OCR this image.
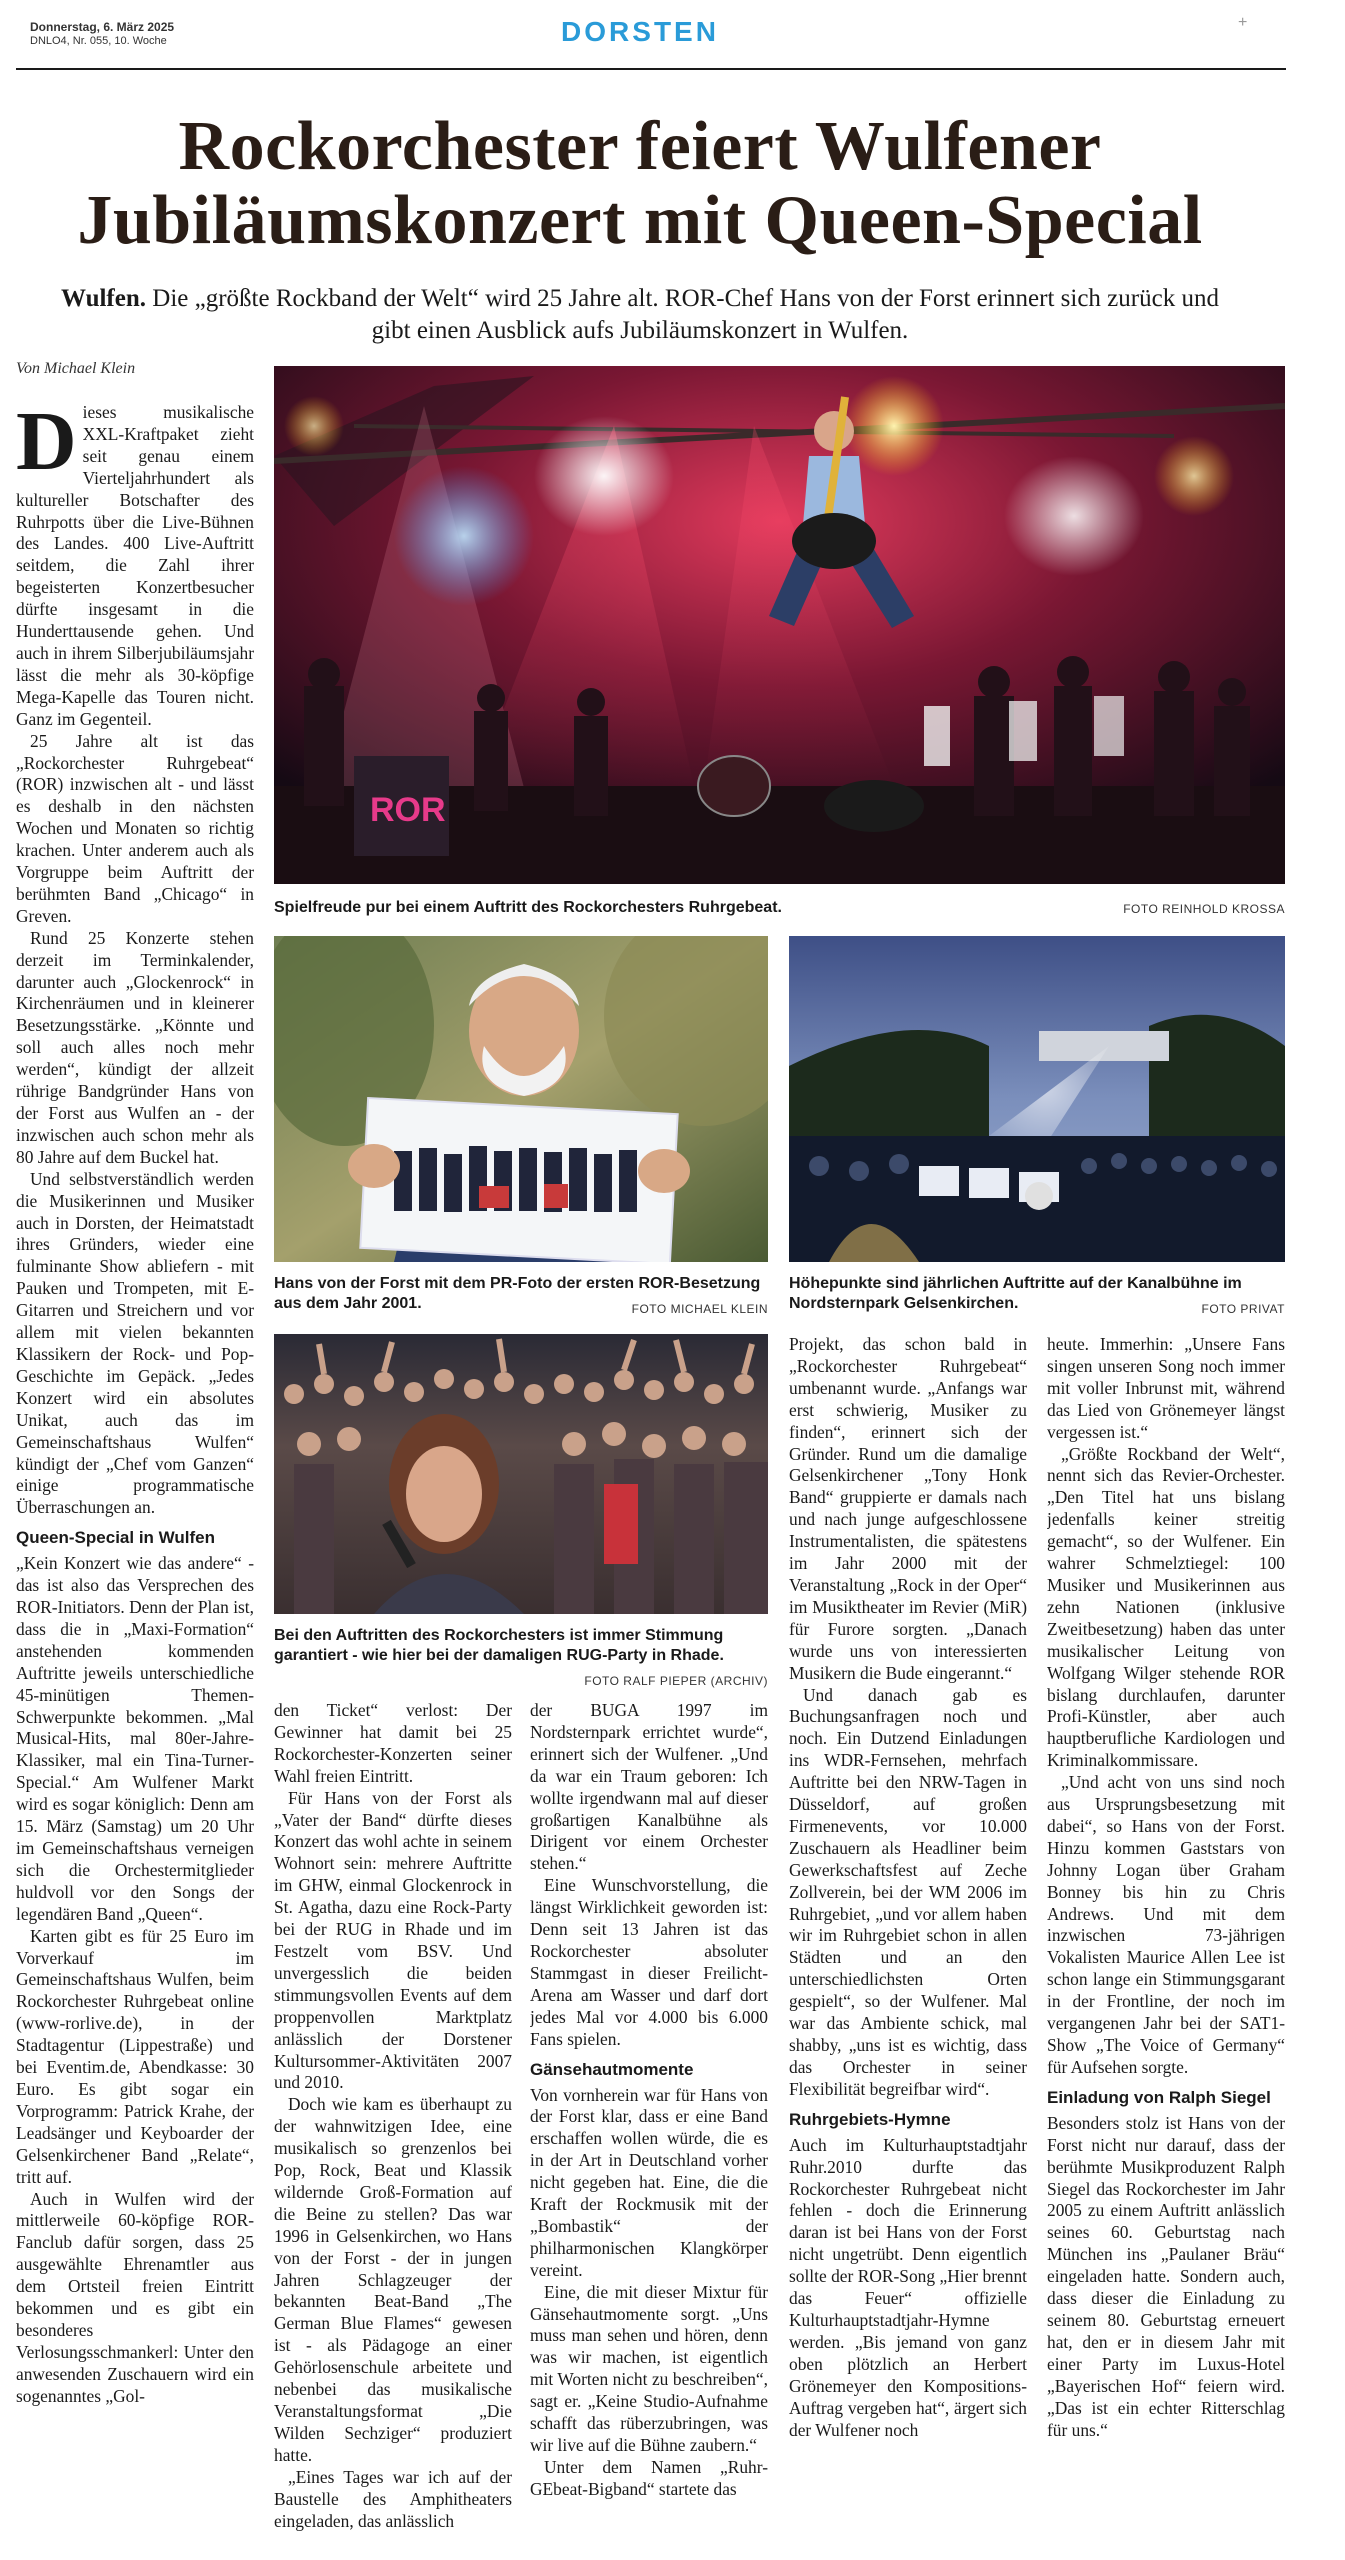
Donnerstag, 6. März 2025
DNLO4, Nr. 055, 10. Woche	DORSTEN	+
Rockorchester feiert Wulfener
Jubiläumskonzert mit Queen-Special
Wulfen. Die „größte Rockband der Welt“ wird 25 Jahre alt. ROR-Chef Hans von der Forst erinnert sich zurück und gibt einen Ausblick aufs Jubiläumskonzert in Wulfen.
Von Michael Klein

Dieses musikalische XXL-Kraftpaket zieht seit genau einem Vierteljahrhundert als kultureller Botschafter des Ruhrpotts über die Live-Bühnen des Landes. 400 Live-Auftritt seitdem, die Zahl ihrer begeisterten Konzertbesucher dürfte insgesamt in die Hunderttausende gehen. Und auch in ihrem Silberjubiläumsjahr lässt die mehr als 30-köpfige Mega-Kapelle das Touren nicht. Ganz im Gegenteil.

25 Jahre alt ist das „Rockorchester Ruhrgebeat“ (ROR) inzwischen alt - und lässt es deshalb in den nächsten Wochen und Monaten so richtig krachen. Unter anderem auch als Vorgruppe beim Auftritt der berühmten Band „Chicago“ in Greven.

Rund 25 Konzerte stehen derzeit im Terminkalender, darunter auch „Glockenrock“ in Kirchenräumen und in kleinerer Besetzungsstärke. „Könnte und soll auch alles noch mehr werden“, kündigt der allzeit rührige Bandgründer Hans von der Forst aus Wulfen an - der inzwischen auch schon mehr als 80 Jahre auf dem Buckel hat.

Und selbstverständlich werden die Musikerinnen und Musiker auch in Dorsten, der Heimatstadt ihres Gründers, wieder eine fulminante Show abliefern - mit Pauken und Trompeten, mit E-Gitarren und Streichern und vor allem mit vielen bekannten Klassikern der Rock- und Pop-Geschichte im Gepäck. „Jedes Konzert wird ein absolutes Unikat, auch das im Gemeinschaftshaus Wulfen“ kündigt der „Chef vom Ganzen“ einige programmatische Überraschungen an.

Queen-Special in Wulfen

„Kein Konzert wie das andere“ - das ist also das Versprechen des ROR-Initiators. Denn der Plan ist, dass die in „Maxi-Formation“ anstehenden kommenden Auftritte jeweils unterschiedliche 45-minütigen Themen-Schwerpunkte bekommen. „Mal Musical-Hits, mal 80er-Jahre-Klassiker, mal ein Tina-Turner-Special.“ Am Wulfener Markt wird es sogar königlich: Denn am 15. März (Samstag) um 20 Uhr im Gemeinschaftshaus verneigen sich die Orchestermitglieder huldvoll vor den Songs der legendären Band „Queen“.

Karten gibt es für 25 Euro im Vorverkauf im Gemeinschaftshaus Wulfen, beim Rockorchester Ruhrgebeat online (www-rorlive.de), in der Stadtagentur (Lippestraße) und bei Eventim.de, Abendkasse: 30 Euro. Es gibt sogar ein Vorprogramm: Patrick Krahe, der Leadsänger und Keyboarder der Gelsenkirchener Band „Relate“, tritt auf.

Auch in Wulfen wird der mittlerweile 60-köpfige ROR-Fanclub dafür sorgen, dass 25 ausgewählte Ehrenamtler aus dem Ortsteil freien Eintritt bekommen und es gibt ein besonderes Verlosungsschmankerl: Unter den anwesenden Zuschauern wird ein sogenanntes „Gol-

ROR
Spielfreude pur bei einem Auftritt des Rockorchesters Ruhrgebeat.	FOTO REINHOLD KROSSA
Hans von der Forst mit dem PR-Foto der ersten ROR-Besetzung aus dem Jahr 2001.	FOTO MICHAEL KLEIN
Höhepunkte sind jährlichen Auftritte auf der Kanalbühne im Nordsternpark Gelsenkirchen.	FOTO PRIVAT
Bei den Auftritten des Rockorchesters ist immer Stimmung garantiert - wie hier bei der damaligen RUG-Party in Rhade.
FOTO RALF PIEPER (ARCHIV)

den Ticket“ verlost: Der Gewinner hat damit bei 25 Rockorchester-Konzerten seiner Wahl freien Eintritt.

Für Hans von der Forst als „Vater der Band“ dürfte dieses Konzert das wohl achte in seinem Wohnort sein: mehrere Auftritte im GHW, einmal Glockenrock in St. Agatha, dazu eine Rock-Party bei der RUG in Rhade und im Festzelt vom BSV. Und unvergesslich die beiden stimmungsvollen Events auf dem proppenvollen Marktplatz anlässlich der Dorstener Kultursommer-Aktivitäten 2007 und 2010.

Doch wie kam es überhaupt zu der wahnwitzigen Idee, eine musikalisch so grenzenlos bei Pop, Rock, Beat und Klassik wildernde Groß-Formation auf die Beine zu stellen? Das war 1996 in Gelsenkirchen, wo Hans von der Forst - der in jungen Jahren Schlagzeuger der bekannten Beat-Band „The German Blue Flames“ gewesen ist - als Pädagoge an einer Gehörlosenschule arbeitete und nebenbei das musikalische Veranstaltungsformat „Die Wilden Sechziger“ produziert hatte.

„Eines Tages war ich auf der Baustelle des Amphitheaters eingeladen, das anlässlich

der BUGA 1997 im Nordsternpark errichtet wurde“, erinnert sich der Wulfener. „Und da war ein Traum geboren: Ich wollte irgendwann mal auf dieser großartigen Kanalbühne als Dirigent vor einem Orchester stehen.“

Eine Wunschvorstellung, die längst Wirklichkeit geworden ist: Denn seit 13 Jahren ist das Rockorchester absoluter Stammgast in dieser Freilicht-Arena am Wasser und darf dort jedes Mal vor 4.000 bis 6.000 Fans spielen.

Gänsehautmomente

Von vornherein war für Hans von der Forst klar, dass er eine Band erschaffen wollen würde, die es in der Art in Deutschland vorher nicht gegeben hat. Eine, die die Kraft der Rockmusik mit der „Bombastik“ der philharmonischen Klangkörper vereint.

Eine, die mit dieser Mixtur für Gänsehautmomente sorgt. „Uns muss man sehen und hören, denn was wir machen, ist eigentlich mit Worten nicht zu beschreiben“, sagt er. „Keine Studio-Aufnahme schafft das rüberzubringen, was wir live auf die Bühne zaubern.“

Unter dem Namen „Ruhr-GEbeat-Bigband“ startete das

Projekt, das schon bald in „Rockorchester Ruhrgebeat“ umbenannt wurde. „Anfangs war erst schwierig, Musiker zu finden“, erinnert sich der Gründer. Rund um die damalige Gelsenkirchener „Tony Honk Band“ gruppierte er damals nach und nach junge aufgeschlossene Instrumentalisten, die spätestens im Jahr 2000 mit der Veranstaltung „Rock in der Oper“ im Musiktheater im Revier (MiR) für Furore sorgten. „Danach wurde uns von interessierten Musikern die Bude eingerannt.“

Und danach gab es Buchungsanfragen noch und noch. Ein Dutzend Einladungen ins WDR-Fernsehen, mehrfach Auftritte bei den NRW-Tagen in Düsseldorf, auf großen Firmenevents, vor 10.000 Zuschauern als Headliner beim Gewerkschaftsfest auf Zeche Zollverein, bei der WM 2006 im Ruhrgebiet, „und vor allem haben wir im Ruhrgebiet schon in allen Städten und an den unterschiedlichsten Orten gespielt“, so der Wulfener. Mal war das Ambiente schick, mal shabby, „uns ist es wichtig, dass das Orchester in seiner Flexibilität begreifbar wird“.

Ruhrgebiets-Hymne

Auch im Kulturhauptstadtjahr Ruhr.2010 durfte das Rockorchester Ruhrgebeat nicht fehlen - doch die Erinnerung daran ist bei Hans von der Forst nicht ungetrübt. Denn eigentlich sollte der ROR-Song „Hier brennt das Feuer“ offizielle Kulturhauptstadtjahr-Hymne werden. „Bis jemand von ganz oben plötzlich an Herbert Grönemeyer den Kompositions-Auftrag vergeben hat“, ärgert sich der Wulfener noch

heute. Immerhin: „Unsere Fans singen unseren Song noch immer mit voller Inbrunst mit, während das Lied von Grönemeyer längst vergessen ist.“

„Größte Rockband der Welt“, nennt sich das Revier-Orchester. „Den Titel hat uns bislang jedenfalls keiner streitig gemacht“, so der Wulfener. Ein wahrer Schmelztiegel: 100 Musiker und Musikerinnen aus zehn Nationen (inklusive Zweitbesetzung) haben das unter musikalischer Leitung von Wolfgang Wilger stehende ROR bislang durchlaufen, darunter Profi-Künstler, aber auch hauptberufliche Kardiologen und Kriminalkommissare.

„Und acht von uns sind noch aus Ursprungsbesetzung mit dabei“, so Hans von der Forst. Hinzu kommen Gaststars von Johnny Logan über Graham Bonney bis hin zu Chris Andrews. Und mit dem inzwischen 73-jährigen Vokalisten Maurice Allen Lee ist schon lange ein Stimmungsgarant in der Frontline, der noch im vergangenen Jahr bei der SAT1-Show „The Voice of Germany“ für Aufsehen sorgte.

Einladung von Ralph Siegel

Besonders stolz ist Hans von der Forst nicht nur darauf, dass der berühmte Musikproduzent Ralph Siegel das Rockorchester im Jahr 2005 zu einem Auftritt anlässlich seines 60. Geburtstag nach München ins „Paulaner Bräu“ eingeladen hatte. Sondern auch, dass dieser die Einladung zu seinem 80. Geburtstag erneuert hat, den er in diesem Jahr mit einer Party im Luxus-Hotel „Bayerischen Hof“ feiern wird. „Das ist ein echter Ritterschlag für uns.“
